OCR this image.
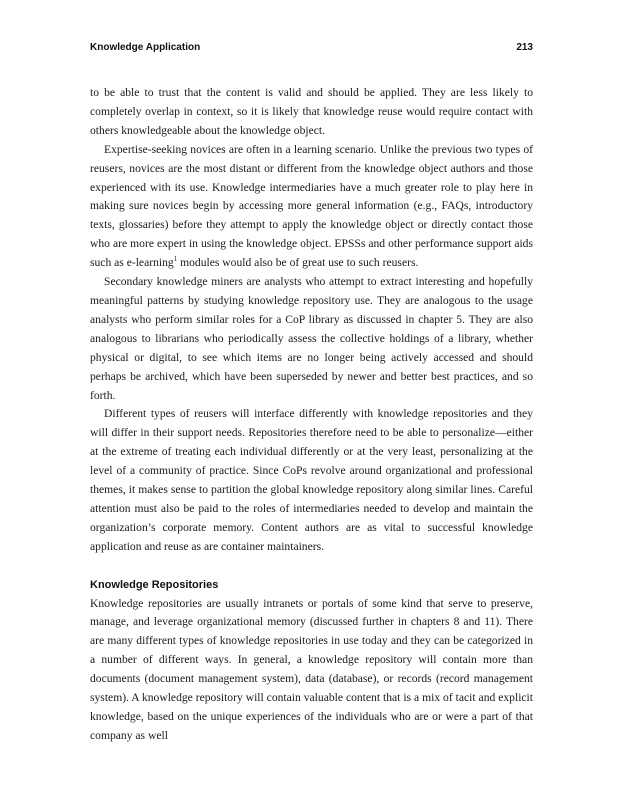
Knowledge Application	213

to be able to trust that the content is valid and should be applied. They are less likely to completely overlap in context, so it is likely that knowledge reuse would require contact with others knowledgeable about the knowledge object.

Expertise-seeking novices are often in a learning scenario. Unlike the previous two types of reusers, novices are the most distant or different from the knowledge object authors and those experienced with its use. Knowledge intermediaries have a much greater role to play here in making sure novices begin by accessing more general information (e.g., FAQs, introductory texts, glossaries) before they attempt to apply the knowledge object or directly contact those who are more expert in using the knowledge object. EPSSs and other performance support aids such as e-learning$^1$ modules would also be of great use to such reusers.

Secondary knowledge miners are analysts who attempt to extract interesting and hopefully meaningful patterns by studying knowledge repository use. They are analogous to the usage analysts who perform similar roles for a CoP library as discussed in chapter 5. They are also analogous to librarians who periodically assess the collective holdings of a library, whether physical or digital, to see which items are no longer being actively accessed and should perhaps be archived, which have been superseded by newer and better best practices, and so forth.

Different types of reusers will interface differently with knowledge repositories and they will differ in their support needs. Repositories therefore need to be able to personalize—either at the extreme of treating each individual differently or at the very least, personalizing at the level of a community of practice. Since CoPs revolve around organizational and professional themes, it makes sense to partition the global knowledge repository along similar lines. Careful attention must also be paid to the roles of intermediaries needed to develop and maintain the organization’s corporate memory. Content authors are as vital to successful knowledge application and reuse as are container maintainers.

Knowledge Repositories

Knowledge repositories are usually intranets or portals of some kind that serve to preserve, manage, and leverage organizational memory (discussed further in chapters 8 and 11). There are many different types of knowledge repositories in use today and they can be categorized in a number of different ways. In general, a knowledge repository will contain more than documents (document management system), data (database), or records (record management system). A knowledge repository will contain valuable content that is a mix of tacit and explicit knowledge, based on the unique experiences of the individuals who are or were a part of that company as well
